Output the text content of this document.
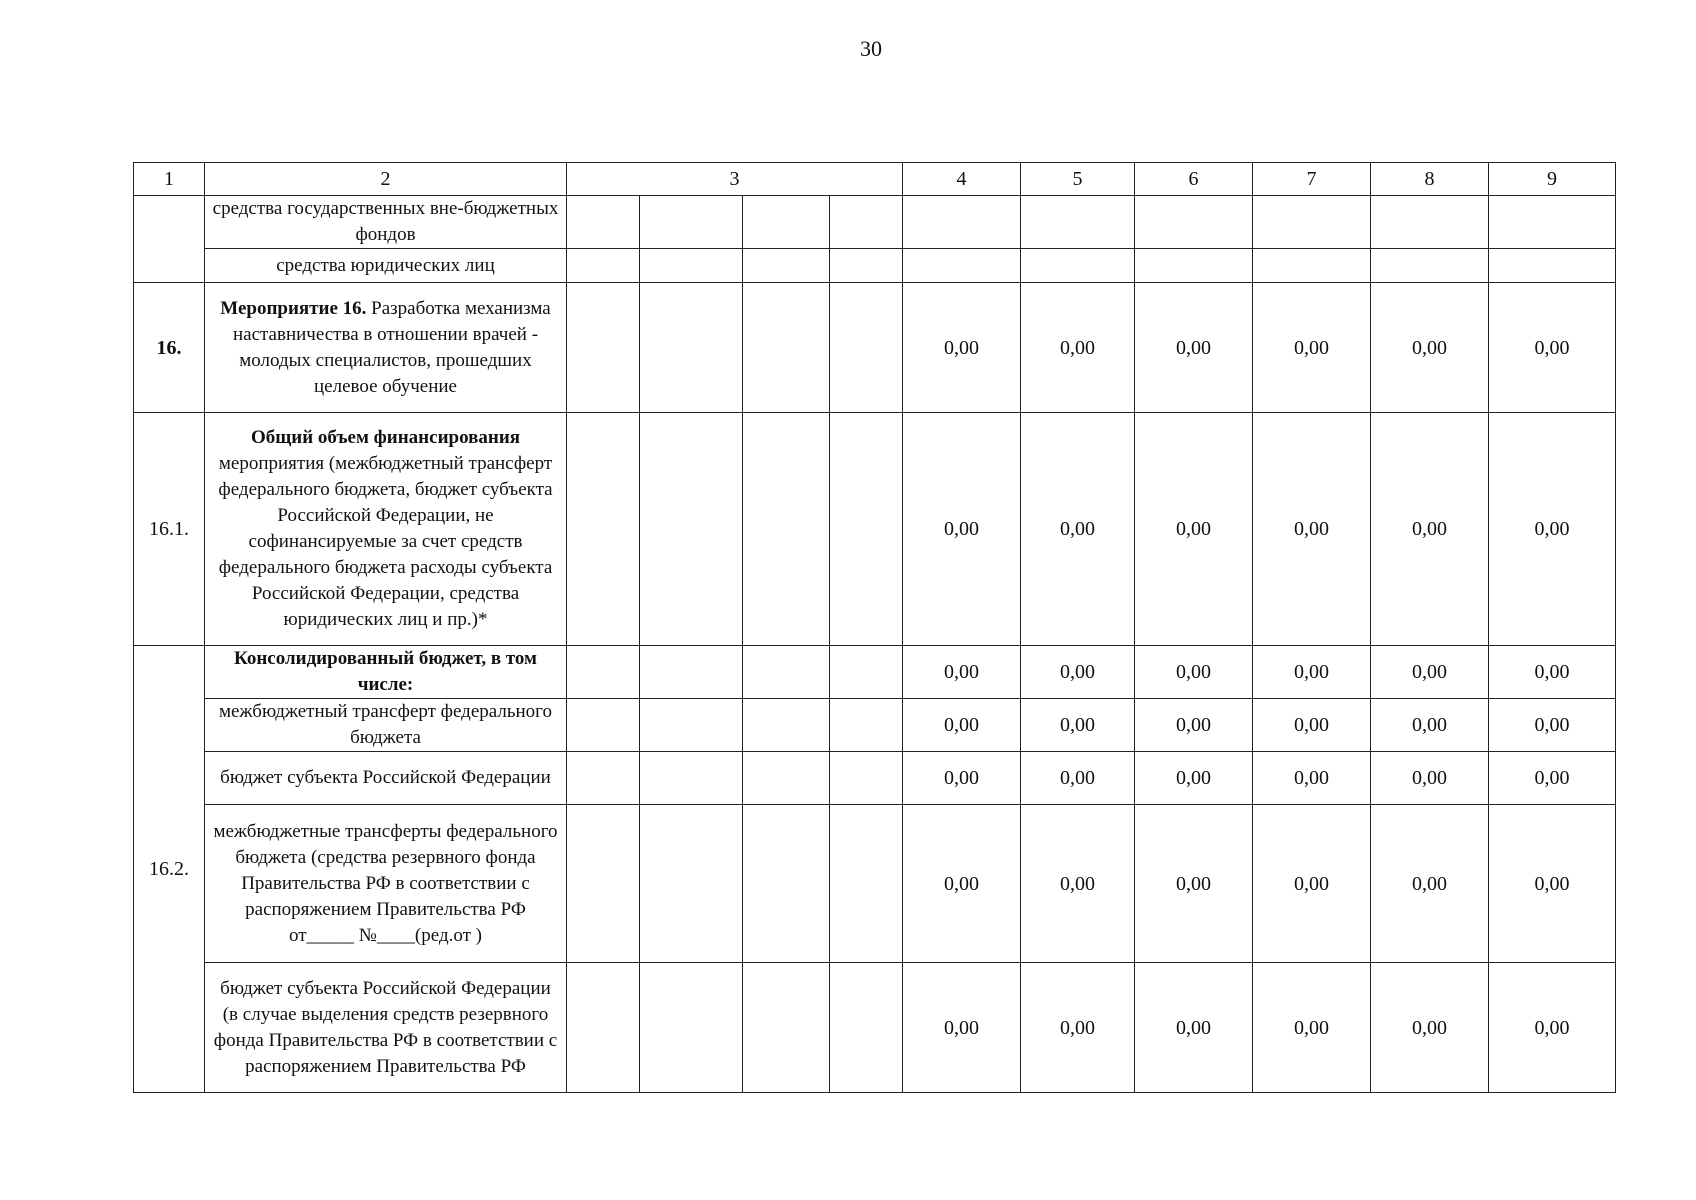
30
1	2	3				4	5	6	7	8	9
	средства государственных вне-бюджетных фондов										
	средства юридических лиц										
16.	Мероприятие 16. Разработка механизма наставничества в отношении врачей - молодых специалистов, прошедших целевое обучение					0,00	0,00	0,00	0,00	0,00	0,00
16.1.	Общий объем финансирования мероприятия (межбюджетный трансферт федерального бюджета, бюджет субъекта Российской Федерации, не софинансируемые за счет средств федерального бюджета расходы субъекта Российской Федерации, средства юридических лиц и пр.)*					0,00	0,00	0,00	0,00	0,00	0,00
16.2.	Консолидированный бюджет, в том числе:					0,00	0,00	0,00	0,00	0,00	0,00
	межбюджетный трансферт федерального бюджета					0,00	0,00	0,00	0,00	0,00	0,00
	бюджет субъекта Российской Федерации					0,00	0,00	0,00	0,00	0,00	0,00
	межбюджетные трансферты федерального бюджета (средства резервного фонда Правительства РФ в соответствии с распоряжением Правительства РФ от_____ №____(ред.от )					0,00	0,00	0,00	0,00	0,00	0,00
	бюджет субъекта Российской Федерации (в случае выделения средств резервного фонда Правительства РФ в соответствии с распоряжением Правительства РФ					0,00	0,00	0,00	0,00	0,00	0,00
